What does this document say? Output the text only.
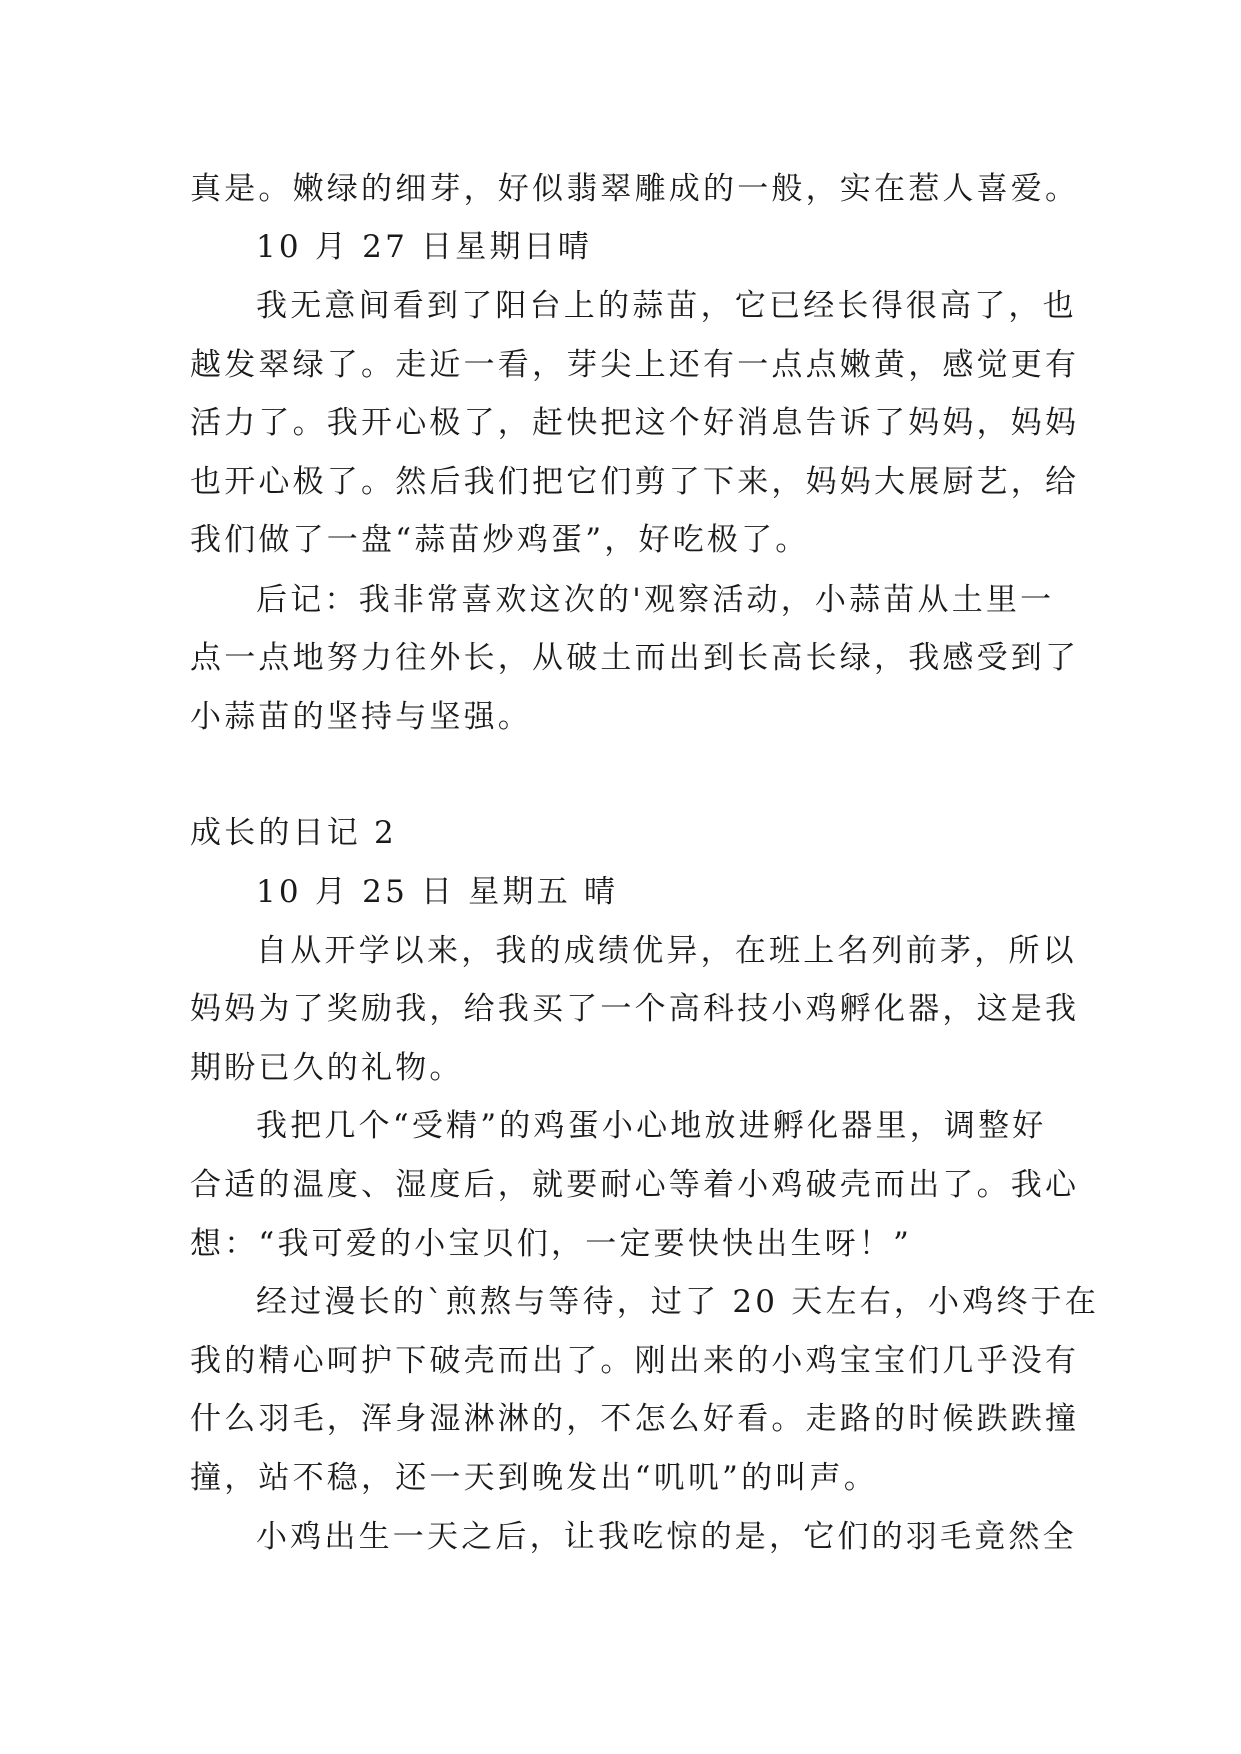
真是。嫩绿的细芽，好似翡翠雕成的一般，实在惹人喜爱。

10 月 27 日星期日晴

我无意间看到了阳台上的蒜苗，它已经长得很高了，也

越发翠绿了。走近一看，芽尖上还有一点点嫩黄，感觉更有

活力了。我开心极了，赶快把这个好消息告诉了妈妈，妈妈

也开心极了。然后我们把它们剪了下来，妈妈大展厨艺，给

我们做了一盘“蒜苗炒鸡蛋”，好吃极了。

后记：我非常喜欢这次的'观察活动，小蒜苗从土里一

点一点地努力往外长，从破土而出到长高长绿，我感受到了

小蒜苗的坚持与坚强。

成长的日记 2

10 月 25 日 星期五 晴

自从开学以来，我的成绩优异，在班上名列前茅，所以

妈妈为了奖励我，给我买了一个高科技小鸡孵化器，这是我

期盼已久的礼物。

我把几个“受精”的鸡蛋小心地放进孵化器里，调整好

合适的温度、湿度后，就要耐心等着小鸡破壳而出了。我心

想：“我可爱的小宝贝们，一定要快快出生呀！”

经过漫长的`煎熬与等待，过了 20 天左右，小鸡终于在

我的精心呵护下破壳而出了。刚出来的小鸡宝宝们几乎没有

什么羽毛，浑身湿淋淋的，不怎么好看。走路的时候跌跌撞

撞，站不稳，还一天到晚发出“叽叽”的叫声。

小鸡出生一天之后，让我吃惊的是，它们的羽毛竟然全
